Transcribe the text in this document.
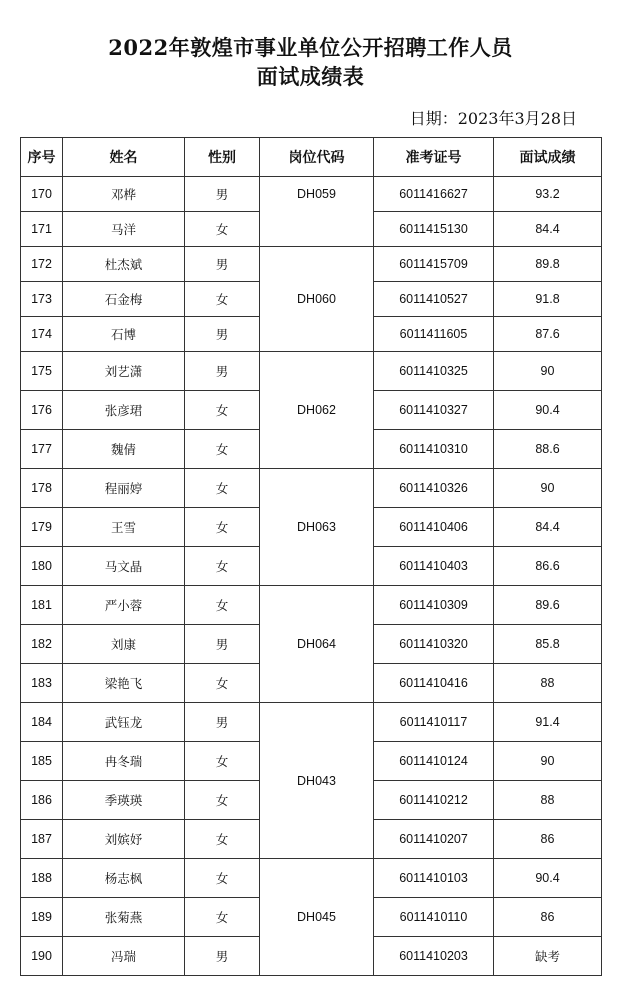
2022年敦煌市事业单位公开招聘工作人员
面试成绩表
日期：2023年3月28日
序号	姓名	性别	岗位代码	准考证号	面试成绩
170	邓桦	男	DH059	6011416627	93.2
171	马洋	女		6011415130	84.4
172	杜杰斌	男	DH060	6011415709	89.8
173	石金梅	女		6011410527	91.8
174	石博	男		6011411605	87.6
175	刘艺潇	男	DH062	6011410325	90
176	张彦珺	女		6011410327	90.4
177	魏倩	女		6011410310	88.6
178	程丽婷	女	DH063	6011410326	90
179	王雪	女		6011410406	84.4
180	马文晶	女		6011410403	86.6
181	严小蓉	女	DH064	6011410309	89.6
182	刘康	男		6011410320	85.8
183	梁艳飞	女		6011410416	88
184	武钰龙	男	DH043	6011410117	91.4
185	冉冬瑞	女		6011410124	90
186	季瑛瑛	女		6011410212	88
187	刘嫔妤	女		6011410207	86
188	杨志枫	女	DH045	6011410103	90.4
189	张菊燕	女		6011410110	86
190	冯瑞	男		6011410203	缺考
